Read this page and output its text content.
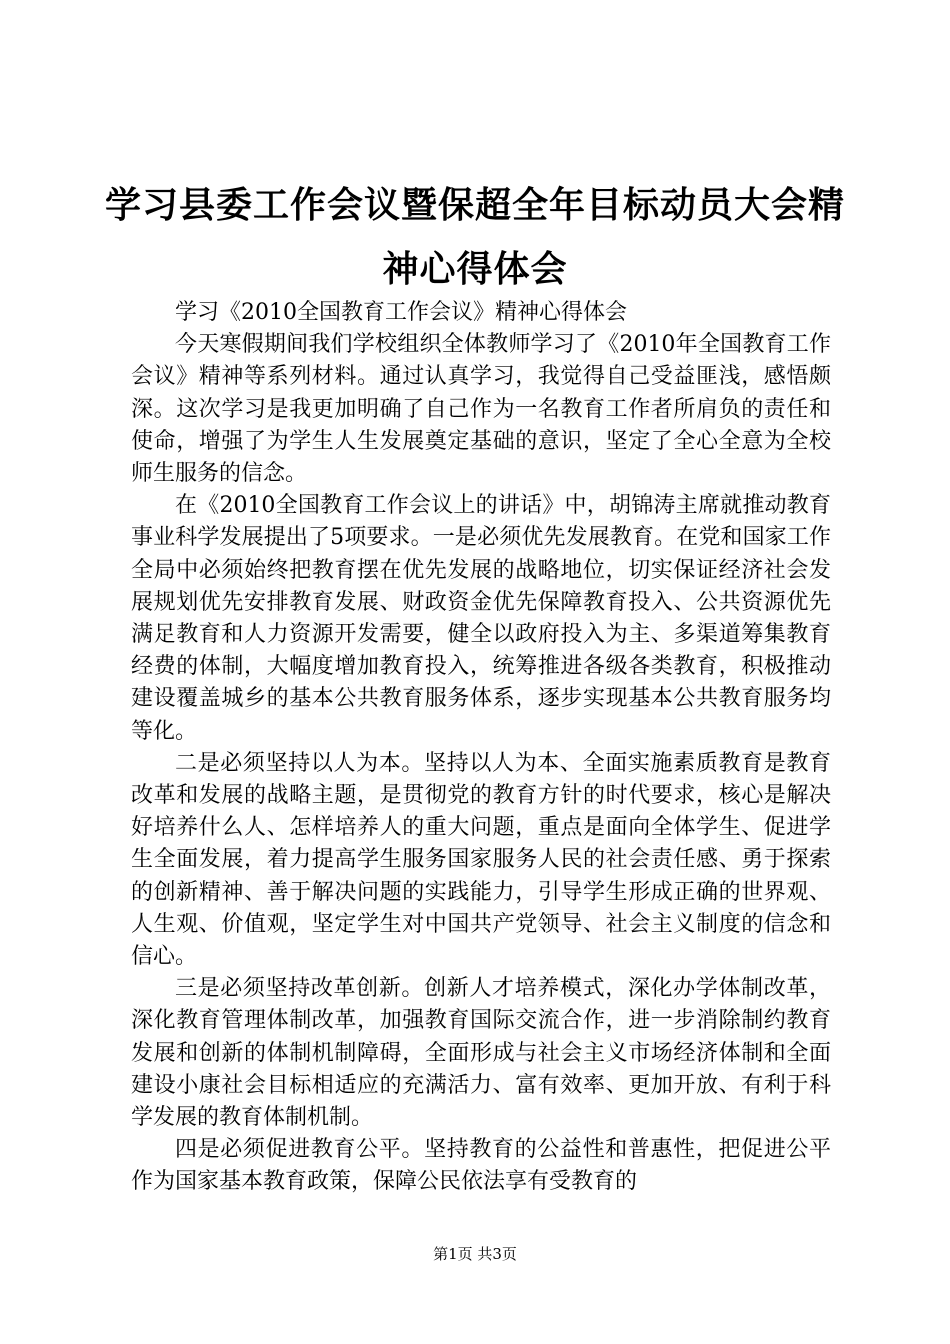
学习县委工作会议暨保超全年目标动员大会精
神心得体会

学习《2010全国教育工作会议》精神心得体会

今天寒假期间我们学校组织全体教师学习了《2010年全国教育工作会议》精神等系列材料。通过认真学习，我觉得自己受益匪浅，感悟颇深。这次学习是我更加明确了自己作为一名教育工作者所肩负的责任和使命，增强了为学生人生发展奠定基础的意识，坚定了全心全意为全校师生服务的信念。

在《2010全国教育工作会议上的讲话》中，胡锦涛主席就推动教育事业科学发展提出了5项要求。一是必须优先发展教育。在党和国家工作全局中必须始终把教育摆在优先发展的战略地位，切实保证经济社会发展规划优先安排教育发展、财政资金优先保障教育投入、公共资源优先满足教育和人力资源开发需要，健全以政府投入为主、多渠道筹集教育经费的体制，大幅度增加教育投入，统筹推进各级各类教育，积极推动建设覆盖城乡的基本公共教育服务体系，逐步实现基本公共教育服务均等化。

二是必须坚持以人为本。坚持以人为本、全面实施素质教育是教育改革和发展的战略主题，是贯彻党的教育方针的时代要求，核心是解决好培养什么人、怎样培养人的重大问题，重点是面向全体学生、促进学生全面发展，着力提高学生服务国家服务人民的社会责任感、勇于探索的创新精神、善于解决问题的实践能力，引导学生形成正确的世界观、人生观、价值观，坚定学生对中国共产党领导、社会主义制度的信念和信心。

三是必须坚持改革创新。创新人才培养模式，深化办学体制改革，深化教育管理体制改革，加强教育国际交流合作，进一步消除制约教育发展和创新的体制机制障碍，全面形成与社会主义市场经济体制和全面建设小康社会目标相适应的充满活力、富有效率、更加开放、有利于科学发展的教育体制机制。

四是必须促进教育公平。坚持教育的公益性和普惠性，把促进公平作为国家基本教育政策，保障公民依法享有受教育的

第1页 共3页
